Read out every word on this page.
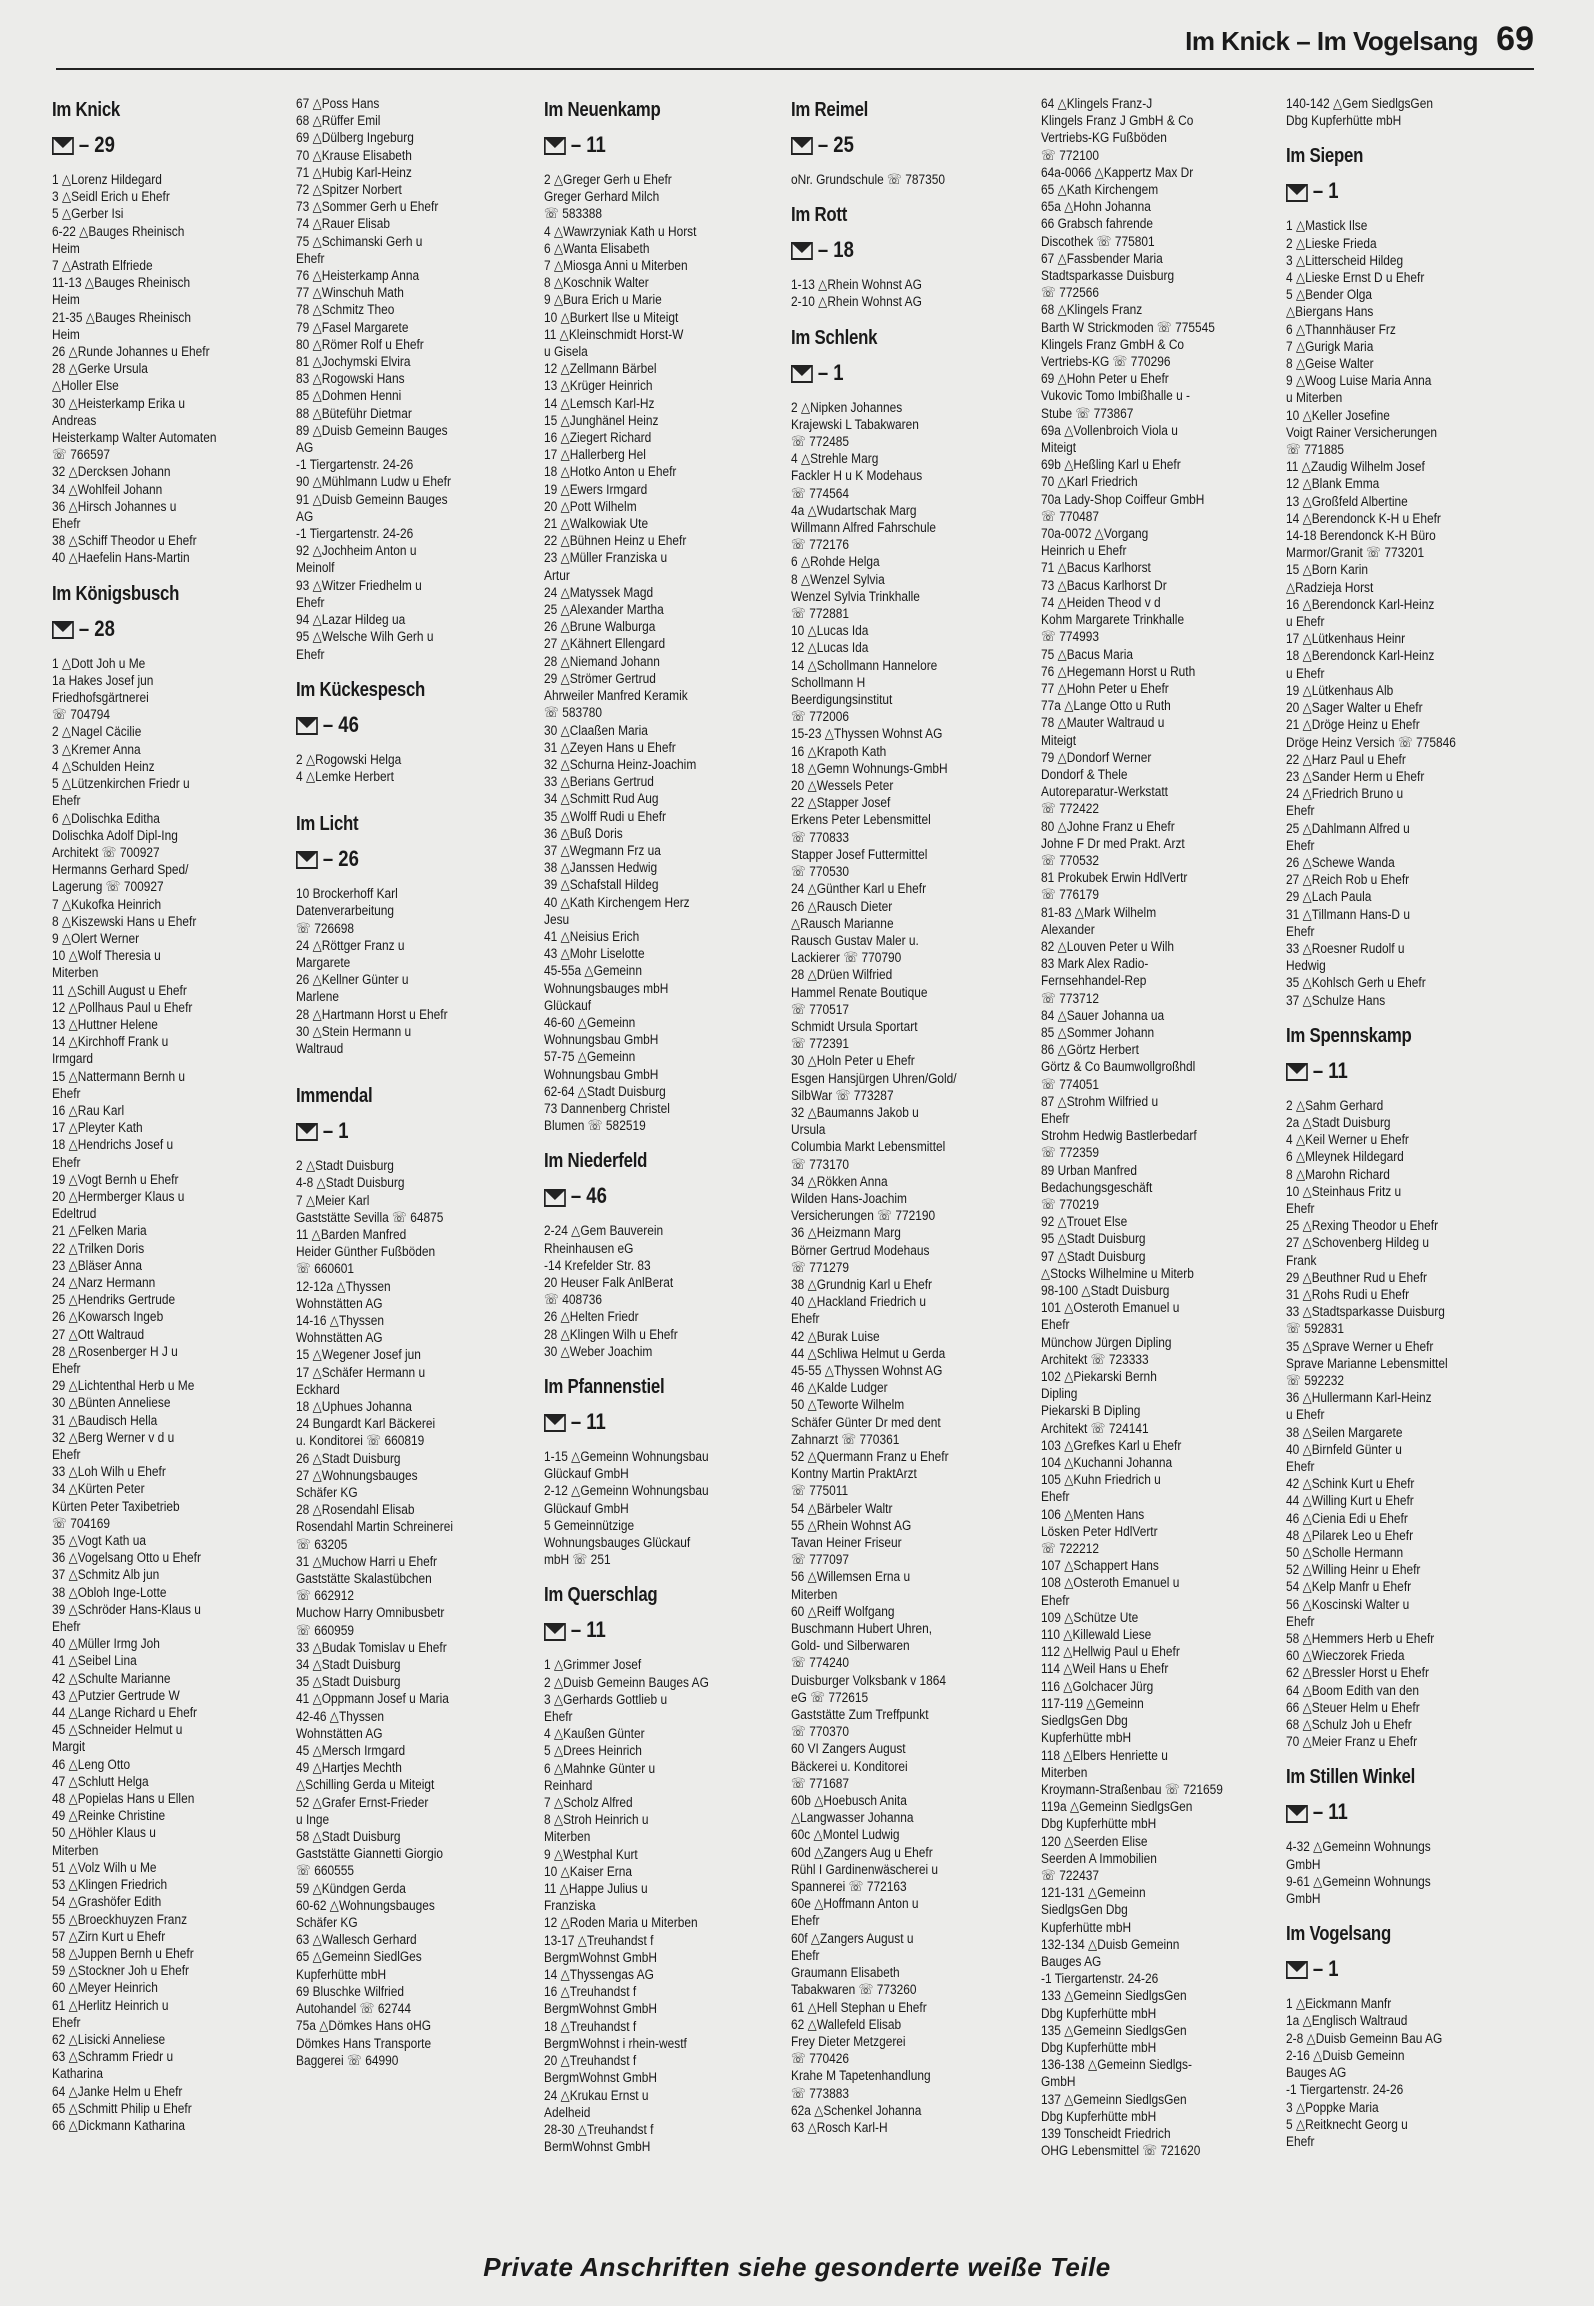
Im Knick – Im Vogelsang 69
Im Knick
– 29
1 △Lorenz Hildegard
3 △Seidl Erich u Ehefr
5 △Gerber Isi
6-22 △Bauges Rheinisch
Heim
7 △Astrath Elfriede
11-13 △Bauges Rheinisch
Heim
21-35 △Bauges Rheinisch
Heim
26 △Runde Johannes u Ehefr
28 △Gerke Ursula
△Holler Else
30 △Heisterkamp Erika u
Andreas
Heisterkamp Walter Automaten
☏ 766597
32 △Dercksen Johann
34 △Wohlfeil Johann
36 △Hirsch Johannes u
Ehefr
38 △Schiff Theodor u Ehefr
40 △Haefelin Hans-Martin
Im Königsbusch
– 28
1 △Dott Joh u Me
1a Hakes Josef jun
Friedhofsgärtnerei
☏ 704794
2 △Nagel Cäcilie
3 △Kremer Anna
4 △Schulden Heinz
5 △Lützenkirchen Friedr u
Ehefr
6 △Dolischka Editha
Dolischka Adolf Dipl-Ing
Architekt ☏ 700927
Hermanns Gerhard Sped/
Lagerung ☏ 700927
7 △Kukofka Heinrich
8 △Kiszewski Hans u Ehefr
9 △Olert Werner
10 △Wolf Theresia u
Miterben
11 △Schill August u Ehefr
12 △Pollhaus Paul u Ehefr
13 △Huttner Helene
14 △Kirchhoff Frank u
Irmgard
15 △Nattermann Bernh u
Ehefr
16 △Rau Karl
17 △Pleyter Kath
18 △Hendrichs Josef u
Ehefr
19 △Vogt Bernh u Ehefr
20 △Hermberger Klaus u
Edeltrud
21 △Felken Maria
22 △Trilken Doris
23 △Bläser Anna
24 △Narz Hermann
25 △Hendriks Gertrude
26 △Kowarsch Ingeb
27 △Ott Waltraud
28 △Rosenberger H J u
Ehefr
29 △Lichtenthal Herb u Me
30 △Bünten Anneliese
31 △Baudisch Hella
32 △Berg Werner v d u
Ehefr
33 △Loh Wilh u Ehefr
34 △Kürten Peter
Kürten Peter Taxibetrieb
☏ 704169
35 △Vogt Kath ua
36 △Vogelsang Otto u Ehefr
37 △Schmitz Alb jun
38 △Obloh Inge-Lotte
39 △Schröder Hans-Klaus u
Ehefr
40 △Müller Irmg Joh
41 △Seibel Lina
42 △Schulte Marianne
43 △Putzier Gertrude W
44 △Lange Richard u Ehefr
45 △Schneider Helmut u
Margit
46 △Leng Otto
47 △Schlutt Helga
48 △Popielas Hans u Ellen
49 △Reinke Christine
50 △Höhler Klaus u
Miterben
51 △Volz Wilh u Me
53 △Klingen Friedrich
54 △Grashöfer Edith
55 △Broeckhuyzen Franz
57 △Zirn Kurt u Ehefr
58 △Juppen Bernh u Ehefr
59 △Stockner Joh u Ehefr
60 △Meyer Heinrich
61 △Herlitz Heinrich u
Ehefr
62 △Lisicki Anneliese
63 △Schramm Friedr u
Katharina
64 △Janke Helm u Ehefr
65 △Schmitt Philip u Ehefr
66 △Dickmann Katharina
67 △Poss Hans
68 △Rüffer Emil
69 △Dülberg Ingeburg
70 △Krause Elisabeth
71 △Hubig Karl-Heinz
72 △Spitzer Norbert
73 △Sommer Gerh u Ehefr
74 △Rauer Elisab
75 △Schimanski Gerh u
Ehefr
76 △Heisterkamp Anna
77 △Winschuh Math
78 △Schmitz Theo
79 △Fasel Margarete
80 △Römer Rolf u Ehefr
81 △Jochymski Elvira
83 △Rogowski Hans
85 △Dohmen Henni
88 △Büteführ Dietmar
89 △Duisb Gemeinn Bauges
AG
-1 Tiergartenstr. 24-26
90 △Mühlmann Ludw u Ehefr
91 △Duisb Gemeinn Bauges
AG
-1 Tiergartenstr. 24-26
92 △Jochheim Anton u
Meinolf
93 △Witzer Friedhelm u
Ehefr
94 △Lazar Hildeg ua
95 △Welsche Wilh Gerh u
Ehefr
Im Kückespesch
– 46
2 △Rogowski Helga
4 △Lemke Herbert
Im Licht
– 26
10 Brockerhoff Karl
Datenverarbeitung
☏ 726698
24 △Röttger Franz u
Margarete
26 △Kellner Günter u
Marlene
28 △Hartmann Horst u Ehefr
30 △Stein Hermann u
Waltraud
Immendal
– 1
2 △Stadt Duisburg
4-8 △Stadt Duisburg
7 △Meier Karl
Gaststätte Sevilla ☏ 64875
11 △Barden Manfred
Heider Günther Fußböden
☏ 660601
12-12a △Thyssen
Wohnstätten AG
14-16 △Thyssen
Wohnstätten AG
15 △Wegener Josef jun
17 △Schäfer Hermann u
Eckhard
18 △Uphues Johanna
24 Bungardt Karl Bäckerei
u. Konditorei ☏ 660819
26 △Stadt Duisburg
27 △Wohnungsbauges
Schäfer KG
28 △Rosendahl Elisab
Rosendahl Martin Schreinerei
☏ 63205
31 △Muchow Harri u Ehefr
Gaststätte Skalastübchen
☏ 662912
Muchow Harry Omnibusbetr
☏ 660959
33 △Budak Tomislav u Ehefr
34 △Stadt Duisburg
35 △Stadt Duisburg
41 △Oppmann Josef u Maria
42-46 △Thyssen
Wohnstätten AG
45 △Mersch Irmgard
49 △Hartjes Mechth
△Schilling Gerda u Miteigt
52 △Grafer Ernst-Frieder
u Inge
58 △Stadt Duisburg
Gaststätte Giannetti Giorgio
☏ 660555
59 △Kündgen Gerda
60-62 △Wohnungsbauges
Schäfer KG
63 △Wallesch Gerhard
65 △Gemeinn SiedlGes
Kupferhütte mbH
69 Bluschke Wilfried
Autohandel ☏ 62744
75a △Dömkes Hans oHG
Dömkes Hans Transporte
Baggerei ☏ 64990
Im Neuenkamp
– 11
2 △Greger Gerh u Ehefr
Greger Gerhard Milch
☏ 583388
4 △Wawrzyniak Kath u Horst
6 △Wanta Elisabeth
7 △Miosga Anni u Miterben
8 △Koschnik Walter
9 △Bura Erich u Marie
10 △Burkert Ilse u Miteigt
11 △Kleinschmidt Horst-W
u Gisela
12 △Zellmann Bärbel
13 △Krüger Heinrich
14 △Lemsch Karl-Hz
15 △Junghänel Heinz
16 △Ziegert Richard
17 △Hallerberg Hel
18 △Hotko Anton u Ehefr
19 △Ewers Irmgard
20 △Pott Wilhelm
21 △Walkowiak Ute
22 △Bühnen Heinz u Ehefr
23 △Müller Franziska u
Artur
24 △Matyssek Magd
25 △Alexander Martha
26 △Brune Walburga
27 △Kähnert Ellengard
28 △Niemand Johann
29 △Strömer Gertrud
Ahrweiler Manfred Keramik
☏ 583780
30 △Claaßen Maria
31 △Zeyen Hans u Ehefr
32 △Schurna Heinz-Joachim
33 △Berians Gertrud
34 △Schmitt Rud Aug
35 △Wolff Rudi u Ehefr
36 △Buß Doris
37 △Wegmann Frz ua
38 △Janssen Hedwig
39 △Schafstall Hildeg
40 △Kath Kirchengem Herz
Jesu
41 △Neisius Erich
43 △Mohr Liselotte
45-55a △Gemeinn
Wohnungsbauges mbH
Glückauf
46-60 △Gemeinn
Wohnungsbau GmbH
57-75 △Gemeinn
Wohnungsbau GmbH
62-64 △Stadt Duisburg
73 Dannenberg Christel
Blumen ☏ 582519
Im Niederfeld
– 46
2-24 △Gem Bauverein
Rheinhausen eG
-14 Krefelder Str. 83
20 Heuser Falk AnlBerat
☏ 408736
26 △Helten Friedr
28 △Klingen Wilh u Ehefr
30 △Weber Joachim
Im Pfannenstiel
– 11
1-15 △Gemeinn Wohnungsbau
Glückauf GmbH
2-12 △Gemeinn Wohnungsbau
Glückauf GmbH
5 Gemeinnützige
Wohnungsbauges Glückauf
mbH ☏ 251
Im Querschlag
– 11
1 △Grimmer Josef
2 △Duisb Gemeinn Bauges AG
3 △Gerhards Gottlieb u
Ehefr
4 △Kaußen Günter
5 △Drees Heinrich
6 △Mahnke Günter u
Reinhard
7 △Scholz Alfred
8 △Stroh Heinrich u
Miterben
9 △Westphal Kurt
10 △Kaiser Erna
11 △Happe Julius u
Franziska
12 △Roden Maria u Miterben
13-17 △Treuhandst f
BergmWohnst GmbH
14 △Thyssengas AG
16 △Treuhandst f
BergmWohnst GmbH
18 △Treuhandst f
BergmWohnst i rhein-westf
20 △Treuhandst f
BergmWohnst GmbH
24 △Krukau Ernst u
Adelheid
28-30 △Treuhandst f
BermWohnst GmbH
Im Reimel
– 25
oNr. Grundschule ☏ 787350
Im Rott
– 18
1-13 △Rhein Wohnst AG
2-10 △Rhein Wohnst AG
Im Schlenk
– 1
2 △Nipken Johannes
Krajewski L Tabakwaren
☏ 772485
4 △Strehle Marg
Fackler H u K Modehaus
☏ 774564
4a △Wudartschak Marg
Willmann Alfred Fahrschule
☏ 772176
6 △Rohde Helga
8 △Wenzel Sylvia
Wenzel Sylvia Trinkhalle
☏ 772881
10 △Lucas Ida
12 △Lucas Ida
14 △Schollmann Hannelore
Schollmann H
Beerdigungsinstitut
☏ 772006
15-23 △Thyssen Wohnst AG
16 △Krapoth Kath
18 △Gemn Wohnungs-GmbH
20 △Wessels Peter
22 △Stapper Josef
Erkens Peter Lebensmittel
☏ 770833
Stapper Josef Futtermittel
☏ 770530
24 △Günther Karl u Ehefr
26 △Rausch Dieter
△Rausch Marianne
Rausch Gustav Maler u.
Lackierer ☏ 770790
28 △Drüen Wilfried
Hammel Renate Boutique
☏ 770517
Schmidt Ursula Sportart
☏ 772391
30 △Holn Peter u Ehefr
Esgen Hansjürgen Uhren/Gold/
SilbWar ☏ 773287
32 △Baumanns Jakob u
Ursula
Columbia Markt Lebensmittel
☏ 773170
34 △Rökken Anna
Wilden Hans-Joachim
Versicherungen ☏ 772190
36 △Heizmann Marg
Börner Gertrud Modehaus
☏ 771279
38 △Grundnig Karl u Ehefr
40 △Hackland Friedrich u
Ehefr
42 △Burak Luise
44 △Schliwa Helmut u Gerda
45-55 △Thyssen Wohnst AG
46 △Kalde Ludger
50 △Teworte Wilhelm
Schäfer Günter Dr med dent
Zahnarzt ☏ 770361
52 △Quermann Franz u Ehefr
Kontny Martin PraktArzt
☏ 775011
54 △Bärbeler Waltr
55 △Rhein Wohnst AG
Tavan Heiner Friseur
☏ 777097
56 △Willemsen Erna u
Miterben
60 △Reiff Wolfgang
Buschmann Hubert Uhren,
Gold- und Silberwaren
☏ 774240
Duisburger Volksbank v 1864
eG ☏ 772615
Gaststätte Zum Treffpunkt
☏ 770370
60 VI Zangers August
Bäckerei u. Konditorei
☏ 771687
60b △Hoebusch Anita
△Langwasser Johanna
60c △Montel Ludwig
60d △Zangers Aug u Ehefr
Rühl I Gardinenwäscherei u
Spannerei ☏ 772163
60e △Hoffmann Anton u
Ehefr
60f △Zangers August u
Ehefr
Graumann Elisabeth
Tabakwaren ☏ 773260
61 △Hell Stephan u Ehefr
62 △Wallefeld Elisab
Frey Dieter Metzgerei
☏ 770426
Krahe M Tapetenhandlung
☏ 773883
62a △Schenkel Johanna
63 △Rosch Karl-H
64 △Klingels Franz-J
Klingels Franz J GmbH & Co
Vertriebs-KG Fußböden
☏ 772100
64a-0066 △Kappertz Max Dr
65 △Kath Kirchengem
65a △Hohn Johanna
66 Grabsch fahrende
Discothek ☏ 775801
67 △Fassbender Maria
Stadtsparkasse Duisburg
☏ 772566
68 △Klingels Franz
Barth W Strickmoden ☏ 775545
Klingels Franz GmbH & Co
Vertriebs-KG ☏ 770296
69 △Hohn Peter u Ehefr
Vukovic Tomo Imbißhalle u -
Stube ☏ 773867
69a △Vollenbroich Viola u
Miteigt
69b △Heßling Karl u Ehefr
70 △Karl Friedrich
70a Lady-Shop Coiffeur GmbH
☏ 770487
70a-0072 △Vorgang
Heinrich u Ehefr
71 △Bacus Karlhorst
73 △Bacus Karlhorst Dr
74 △Heiden Theod v d
Kohm Margarete Trinkhalle
☏ 774993
75 △Bacus Maria
76 △Hegemann Horst u Ruth
77 △Hohn Peter u Ehefr
77a △Lange Otto u Ruth
78 △Mauter Waltraud u
Miteigt
79 △Dondorf Werner
Dondorf & Thele
Autoreparatur-Werkstatt
☏ 772422
80 △Johne Franz u Ehefr
Johne F Dr med Prakt. Arzt
☏ 770532
81 Prokubek Erwin HdlVertr
☏ 776179
81-83 △Mark Wilhelm
Alexander
82 △Louven Peter u Wilh
83 Mark Alex Radio-
Fernsehhandel-Rep
☏ 773712
84 △Sauer Johanna ua
85 △Sommer Johann
86 △Görtz Herbert
Görtz & Co Baumwollgroßhdl
☏ 774051
87 △Strohm Wilfried u
Ehefr
Strohm Hedwig Bastlerbedarf
☏ 772359
89 Urban Manfred
Bedachungsgeschäft
☏ 770219
92 △Trouet Else
95 △Stadt Duisburg
97 △Stadt Duisburg
△Stocks Wilhelmine u Miterb
98-100 △Stadt Duisburg
101 △Osteroth Emanuel u
Ehefr
Münchow Jürgen Dipling
Architekt ☏ 723333
102 △Piekarski Bernh
Dipling
Piekarski B Dipling
Architekt ☏ 724141
103 △Grefkes Karl u Ehefr
104 △Kuchanni Johanna
105 △Kuhn Friedrich u
Ehefr
106 △Menten Hans
Lösken Peter HdlVertr
☏ 722212
107 △Schappert Hans
108 △Osteroth Emanuel u
Ehefr
109 △Schütze Ute
110 △Killewald Liese
112 △Hellwig Paul u Ehefr
114 △Weil Hans u Ehefr
116 △Golchacer Jürg
117-119 △Gemeinn
SiedlgsGen Dbg
Kupferhütte mbH
118 △Elbers Henriette u
Miterben
Kroymann-Straßenbau ☏ 721659
119a △Gemeinn SiedlgsGen
Dbg Kupferhütte mbH
120 △Seerden Elise
Seerden A Immobilien
☏ 722437
121-131 △Gemeinn
SiedlgsGen Dbg
Kupferhütte mbH
132-134 △Duisb Gemeinn
Bauges AG
-1 Tiergartenstr. 24-26
133 △Gemeinn SiedlgsGen
Dbg Kupferhütte mbH
135 △Gemeinn SiedlgsGen
Dbg Kupferhütte mbH
136-138 △Gemeinn Siedlgs-
GmbH
137 △Gemeinn SiedlgsGen
Dbg Kupferhütte mbH
139 Tonscheidt Friedrich
OHG Lebensmittel ☏ 721620
140-142 △Gem SiedlgsGen
Dbg Kupferhütte mbH
Im Siepen
– 1
1 △Mastick Ilse
2 △Lieske Frieda
3 △Litterscheid Hildeg
4 △Lieske Ernst D u Ehefr
5 △Bender Olga
△Biergans Hans
6 △Thannhäuser Frz
7 △Gurigk Maria
8 △Geise Walter
9 △Woog Luise Maria Anna
u Miterben
10 △Keller Josefine
Voigt Rainer Versicherungen
☏ 771885
11 △Zaudig Wilhelm Josef
12 △Blank Emma
13 △Großfeld Albertine
14 △Berendonck K-H u Ehefr
14-18 Berendonck K-H Büro
Marmor/Granit ☏ 773201
15 △Born Karin
△Radzieja Horst
16 △Berendonck Karl-Heinz
u Ehefr
17 △Lütkenhaus Heinr
18 △Berendonck Karl-Heinz
u Ehefr
19 △Lütkenhaus Alb
20 △Sager Walter u Ehefr
21 △Dröge Heinz u Ehefr
Dröge Heinz Versich ☏ 775846
22 △Harz Paul u Ehefr
23 △Sander Herm u Ehefr
24 △Friedrich Bruno u
Ehefr
25 △Dahlmann Alfred u
Ehefr
26 △Schewe Wanda
27 △Reich Rob u Ehefr
29 △Lach Paula
31 △Tillmann Hans-D u
Ehefr
33 △Roesner Rudolf u
Hedwig
35 △Kohlsch Gerh u Ehefr
37 △Schulze Hans
Im Spennskamp
– 11
2 △Sahm Gerhard
2a △Stadt Duisburg
4 △Keil Werner u Ehefr
6 △Mleynek Hildegard
8 △Marohn Richard
10 △Steinhaus Fritz u
Ehefr
25 △Rexing Theodor u Ehefr
27 △Schovenberg Hildeg u
Frank
29 △Beuthner Rud u Ehefr
31 △Rohs Rudi u Ehefr
33 △Stadtsparkasse Duisburg
☏ 592831
35 △Sprave Werner u Ehefr
Sprave Marianne Lebensmittel
☏ 592232
36 △Hullermann Karl-Heinz
u Ehefr
38 △Seilen Margarete
40 △Birnfeld Günter u
Ehefr
42 △Schink Kurt u Ehefr
44 △Willing Kurt u Ehefr
46 △Cienia Edi u Ehefr
48 △Pilarek Leo u Ehefr
50 △Scholle Hermann
52 △Willing Heinr u Ehefr
54 △Kelp Manfr u Ehefr
56 △Koscinski Walter u
Ehefr
58 △Hemmers Herb u Ehefr
60 △Wieczorek Frieda
62 △Bressler Horst u Ehefr
64 △Boom Edith van den
66 △Steuer Helm u Ehefr
68 △Schulz Joh u Ehefr
70 △Meier Franz u Ehefr
Im Stillen Winkel
– 11
4-32 △Gemeinn Wohnungs
GmbH
9-61 △Gemeinn Wohnungs
GmbH
Im Vogelsang
– 1
1 △Eickmann Manfr
1a △Englisch Waltraud
2-8 △Duisb Gemeinn Bau AG
2-16 △Duisb Gemeinn
Bauges AG
-1 Tiergartenstr. 24-26
3 △Poppke Maria
5 △Reitknecht Georg u
Ehefr
Private Anschriften siehe gesonderte weiße Teile
